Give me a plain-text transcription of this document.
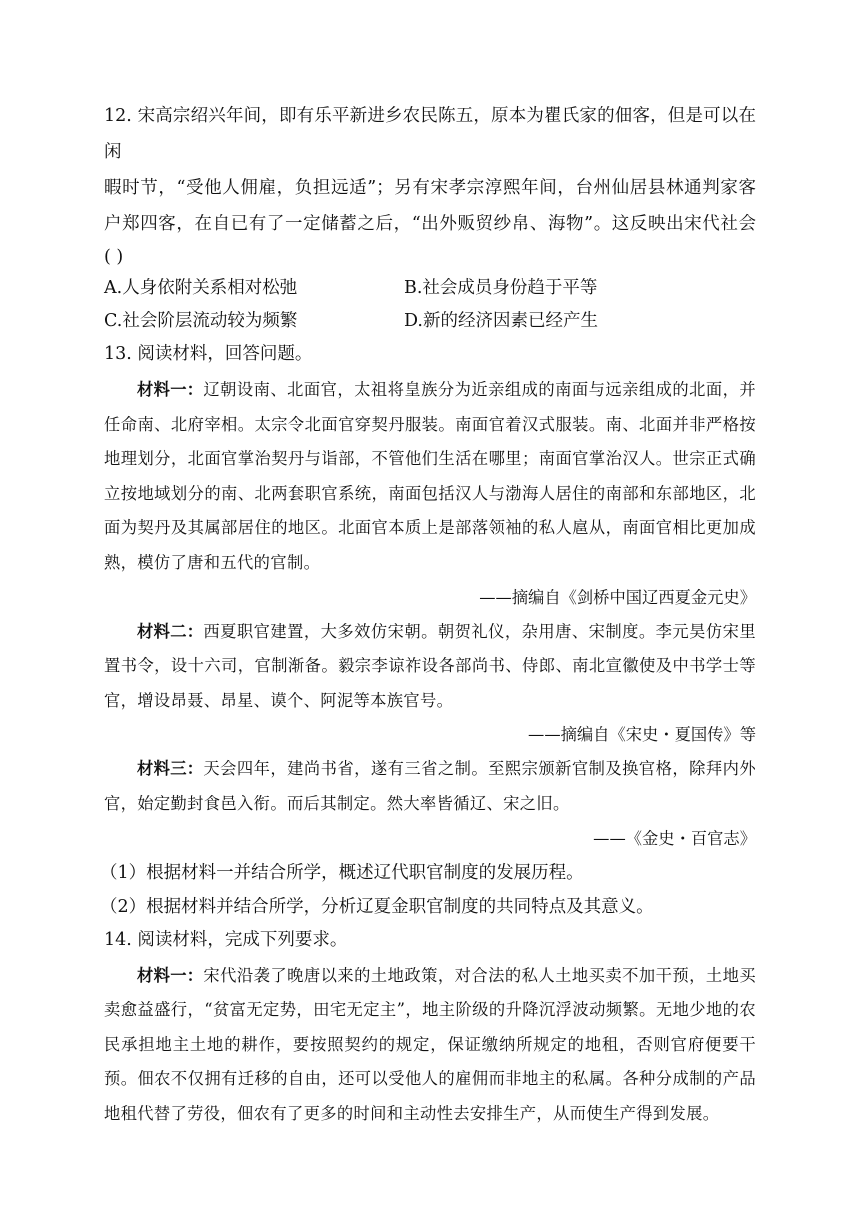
12. 宋高宗绍兴年间，即有乐平新进乡农民陈五，原本为瞿氏家的佃客，但是可以在闲

暇时节，“受他人佣雇，负担远适”；另有宋孝宗淳熙年间，台州仙居县林通判家客

户郑四客，在自已有了一定储蓄之后，“出外贩贸纱帛、海物”。这反映出宋代社会

( )

A.人身依附关系相对松弛	B.社会成员身份趋于平等
C.社会阶层流动较为频繁	D.新的经济因素已经产生

13. 阅读材料，回答问题。

材料一：辽朝设南、北面官，太祖将皇族分为近亲组成的南面与远亲组成的北面，并任命南、北府宰相。太宗令北面官穿契丹服装。南面官着汉式服装。南、北面并非严格按地理划分，北面官掌治契丹与诣部，不管他们生活在哪里；南面官掌治汉人。世宗正式确立按地域划分的南、北两套职官系统，南面包括汉人与渤海人居住的南部和东部地区，北面为契丹及其属部居住的地区。北面官本质上是部落领袖的私人扈从，南面官相比更加成熟，模仿了唐和五代的官制。

——摘编自《剑桥中国辽西夏金元史》

材料二：西夏职官建置，大多效仿宋朝。朝贺礼仪，杂用唐、宋制度。李元昊仿宋里置书令，设十六司，官制渐备。毅宗李谅祚设各部尚书、侍郎、南北宣徽使及中书学士等官，增设昂聂、昂星、谟个、阿泥等本族官号。

——摘编自《宋史・夏国传》等

材料三：天会四年，建尚书省，遂有三省之制。至熙宗颁新官制及换官格，除拜内外官，始定勤封食邑入衔。而后其制定。然大率皆循辽、宋之旧。

——《金史・百官志》

（1）根据材料一并结合所学，概述辽代职官制度的发展历程。

（2）根据材料并结合所学，分析辽夏金职官制度的共同特点及其意义。

14. 阅读材料，完成下列要求。

材料一：宋代沿袭了晚唐以来的土地政策，对合法的私人土地买卖不加干预，土地买卖愈益盛行，“贫富无定势，田宅无定主”，地主阶级的升降沉浮波动频繁。无地少地的农民承担地主土地的耕作，要按照契约的规定，保证缴纳所规定的地租，否则官府便要干预。佃农不仅拥有迁移的自由，还可以受他人的雇佣而非地主的私属。各种分成制的产品地租代替了劳役，佃农有了更多的时间和主动性去安排生产，从而使生产得到发展。
